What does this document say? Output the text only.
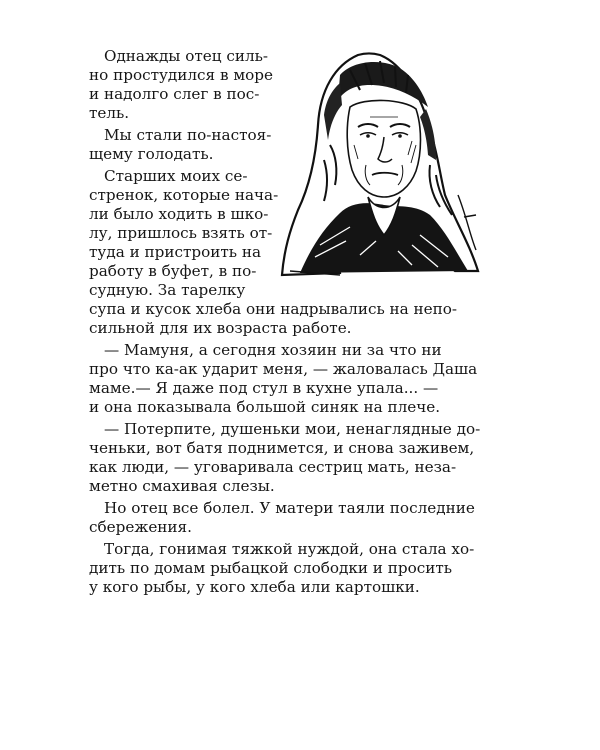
Однажды отец силь-
но простудился в море
и надолго слег в пос-
тель.
Мы стали по-настоя-
щему голодать.
Старших моих се-
стренок, которые нача-
ли было ходить в шко-
лу, пришлось взять от-
туда и пристроить на
работу в буфет, в по-
судную. За тарелку
супа и кусок хлеба они надрывались на непо-
сильной для их возраста работе.
— Мамуня, а сегодня хозяин ни за что ни
про что ка-ак ударит меня, — жаловалась Даша
маме.— Я даже под стул в кухне упала... —
и она показывала большой синяк на плече.
— Потерпите, душеньки мои, ненаглядные до-
ченьки, вот батя поднимется, и снова заживем,
как люди, — уговаривала сестриц мать, неза-
метно смахивая слезы.
Но отец все болел. У матери таяли последние
сбережения.
Тогда, гонимая тяжкой нуждой, она стала хо-
дить по домам рыбацкой слободки и просить
у кого рыбы, у кого хлеба или картошки.
